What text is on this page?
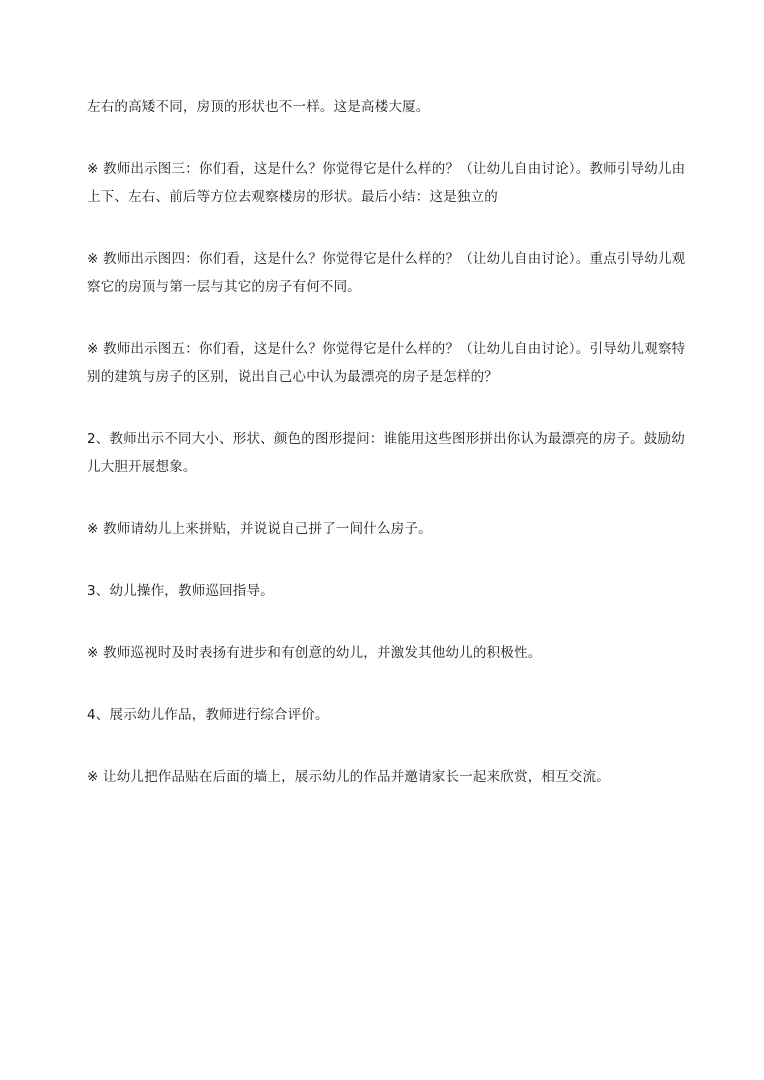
左右的高矮不同，房顶的形状也不一样。这是高楼大厦。

※ 教师出示图三：你们看，这是什么？你觉得它是什么样的？（让幼儿自由讨论）。教师引导幼儿由上下、左右、前后等方位去观察楼房的形状。最后小结：这是独立的

※ 教师出示图四：你们看，这是什么？你觉得它是什么样的？（让幼儿自由讨论）。重点引导幼儿观察它的房顶与第一层与其它的房子有何不同。

※ 教师出示图五：你们看，这是什么？你觉得它是什么样的？（让幼儿自由讨论）。引导幼儿观察特别的建筑与房子的区别，说出自己心中认为最漂亮的房子是怎样的？

2、教师出示不同大小、形状、颜色的图形提问：谁能用这些图形拼出你认为最漂亮的房子。鼓励幼儿大胆开展想象。

※ 教师请幼儿上来拼贴，并说说自己拼了一间什么房子。

3、幼儿操作，教师巡回指导。

※ 教师巡视时及时表扬有进步和有创意的幼儿，并激发其他幼儿的积极性。

4、展示幼儿作品，教师进行综合评价。

※ 让幼儿把作品贴在后面的墙上，展示幼儿的作品并邀请家长一起来欣赏，相互交流。
